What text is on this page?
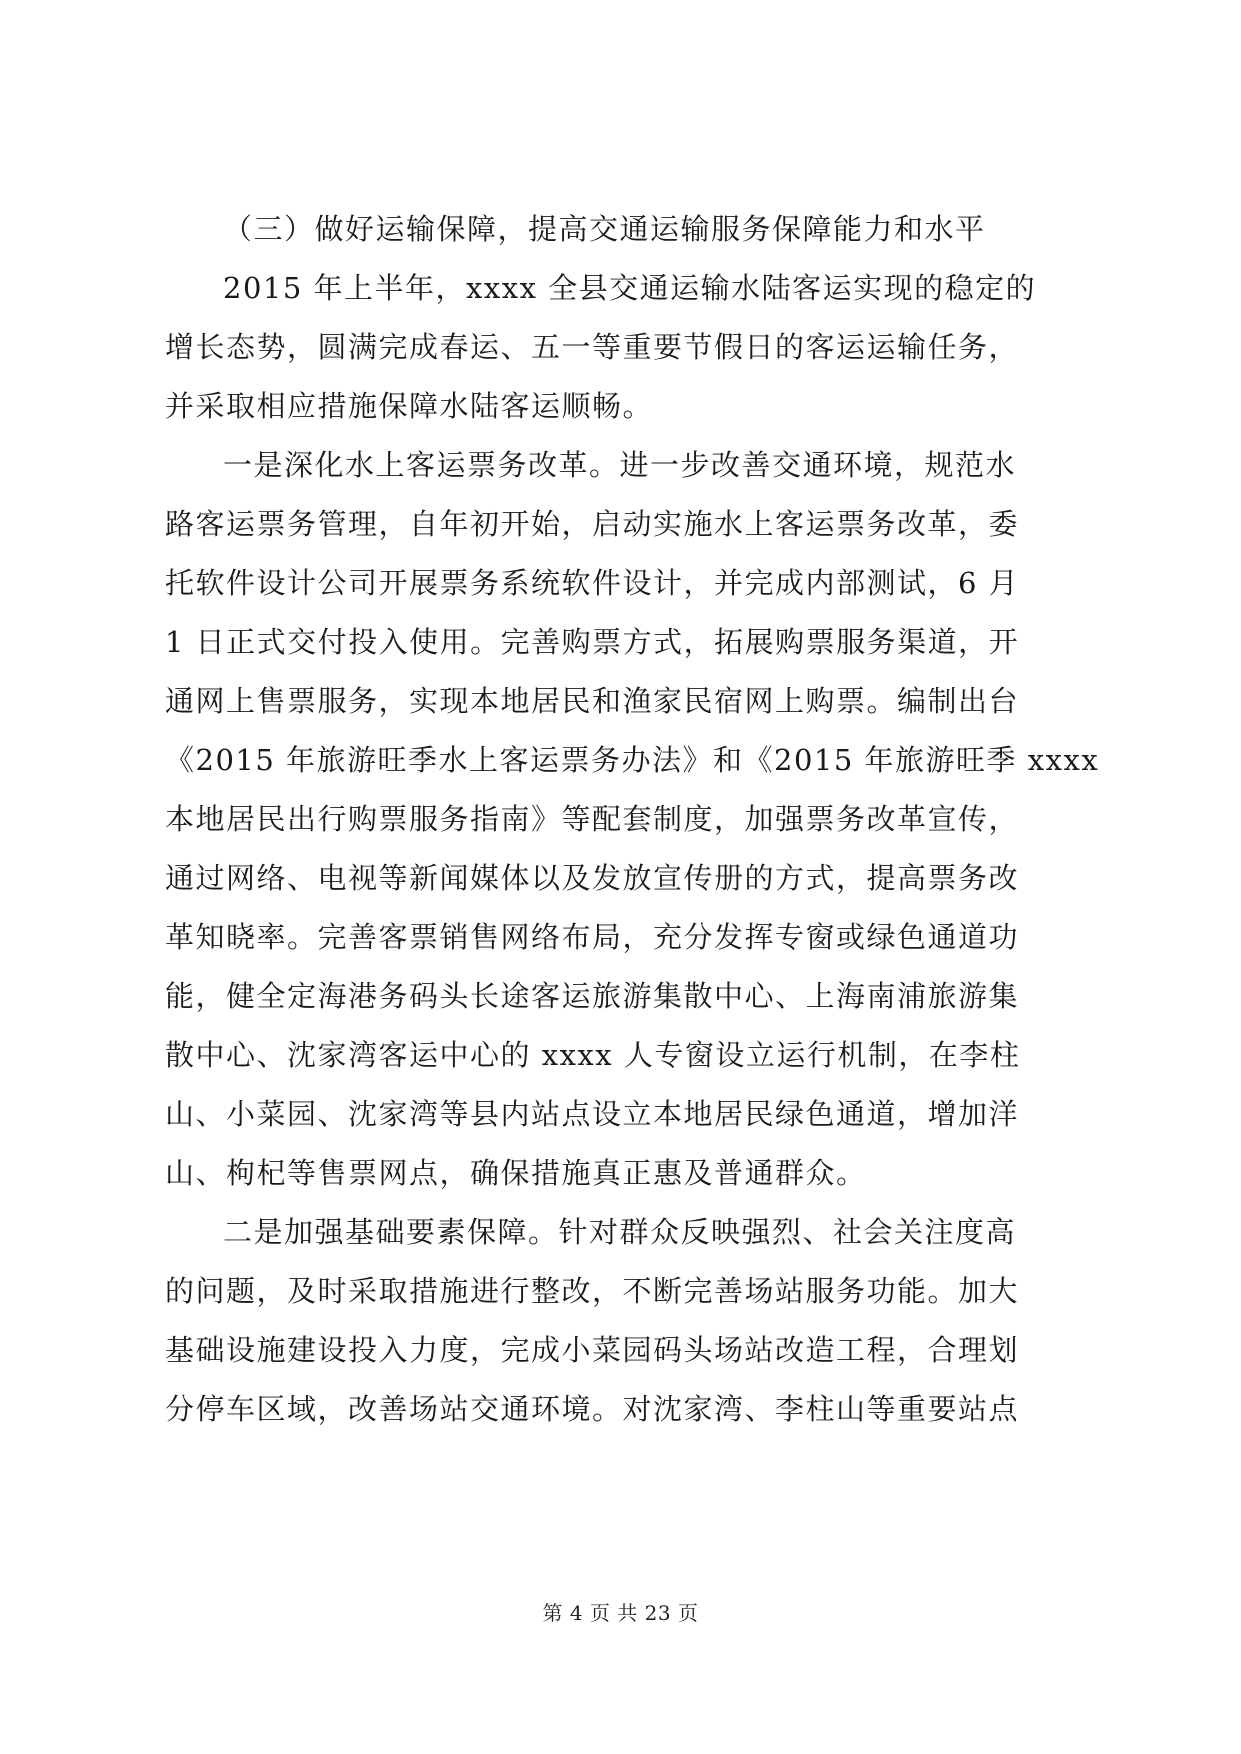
（三）做好运输保障，提高交通运输服务保障能力和水平
2015 年上半年，xxxx 全县交通运输水陆客运实现的稳定的
增长态势，圆满完成春运、五一等重要节假日的客运运输任务，
并采取相应措施保障水陆客运顺畅。
一是深化水上客运票务改革。进一步改善交通环境，规范水
路客运票务管理，自年初开始，启动实施水上客运票务改革，委
托软件设计公司开展票务系统软件设计，并完成内部测试，6 月
1 日正式交付投入使用。完善购票方式，拓展购票服务渠道，开
通网上售票服务，实现本地居民和渔家民宿网上购票。编制出台
《2015 年旅游旺季水上客运票务办法》和《2015 年旅游旺季 xxxx
本地居民出行购票服务指南》等配套制度，加强票务改革宣传，
通过网络、电视等新闻媒体以及发放宣传册的方式，提高票务改
革知晓率。完善客票销售网络布局，充分发挥专窗或绿色通道功
能，健全定海港务码头长途客运旅游集散中心、上海南浦旅游集
散中心、沈家湾客运中心的 xxxx 人专窗设立运行机制，在李柱
山、小菜园、沈家湾等县内站点设立本地居民绿色通道，增加洋
山、枸杞等售票网点，确保措施真正惠及普通群众。
二是加强基础要素保障。针对群众反映强烈、社会关注度高
的问题，及时采取措施进行整改，不断完善场站服务功能。加大
基础设施建设投入力度，完成小菜园码头场站改造工程，合理划
分停车区域，改善场站交通环境。对沈家湾、李柱山等重要站点
第 4 页 共 23 页
